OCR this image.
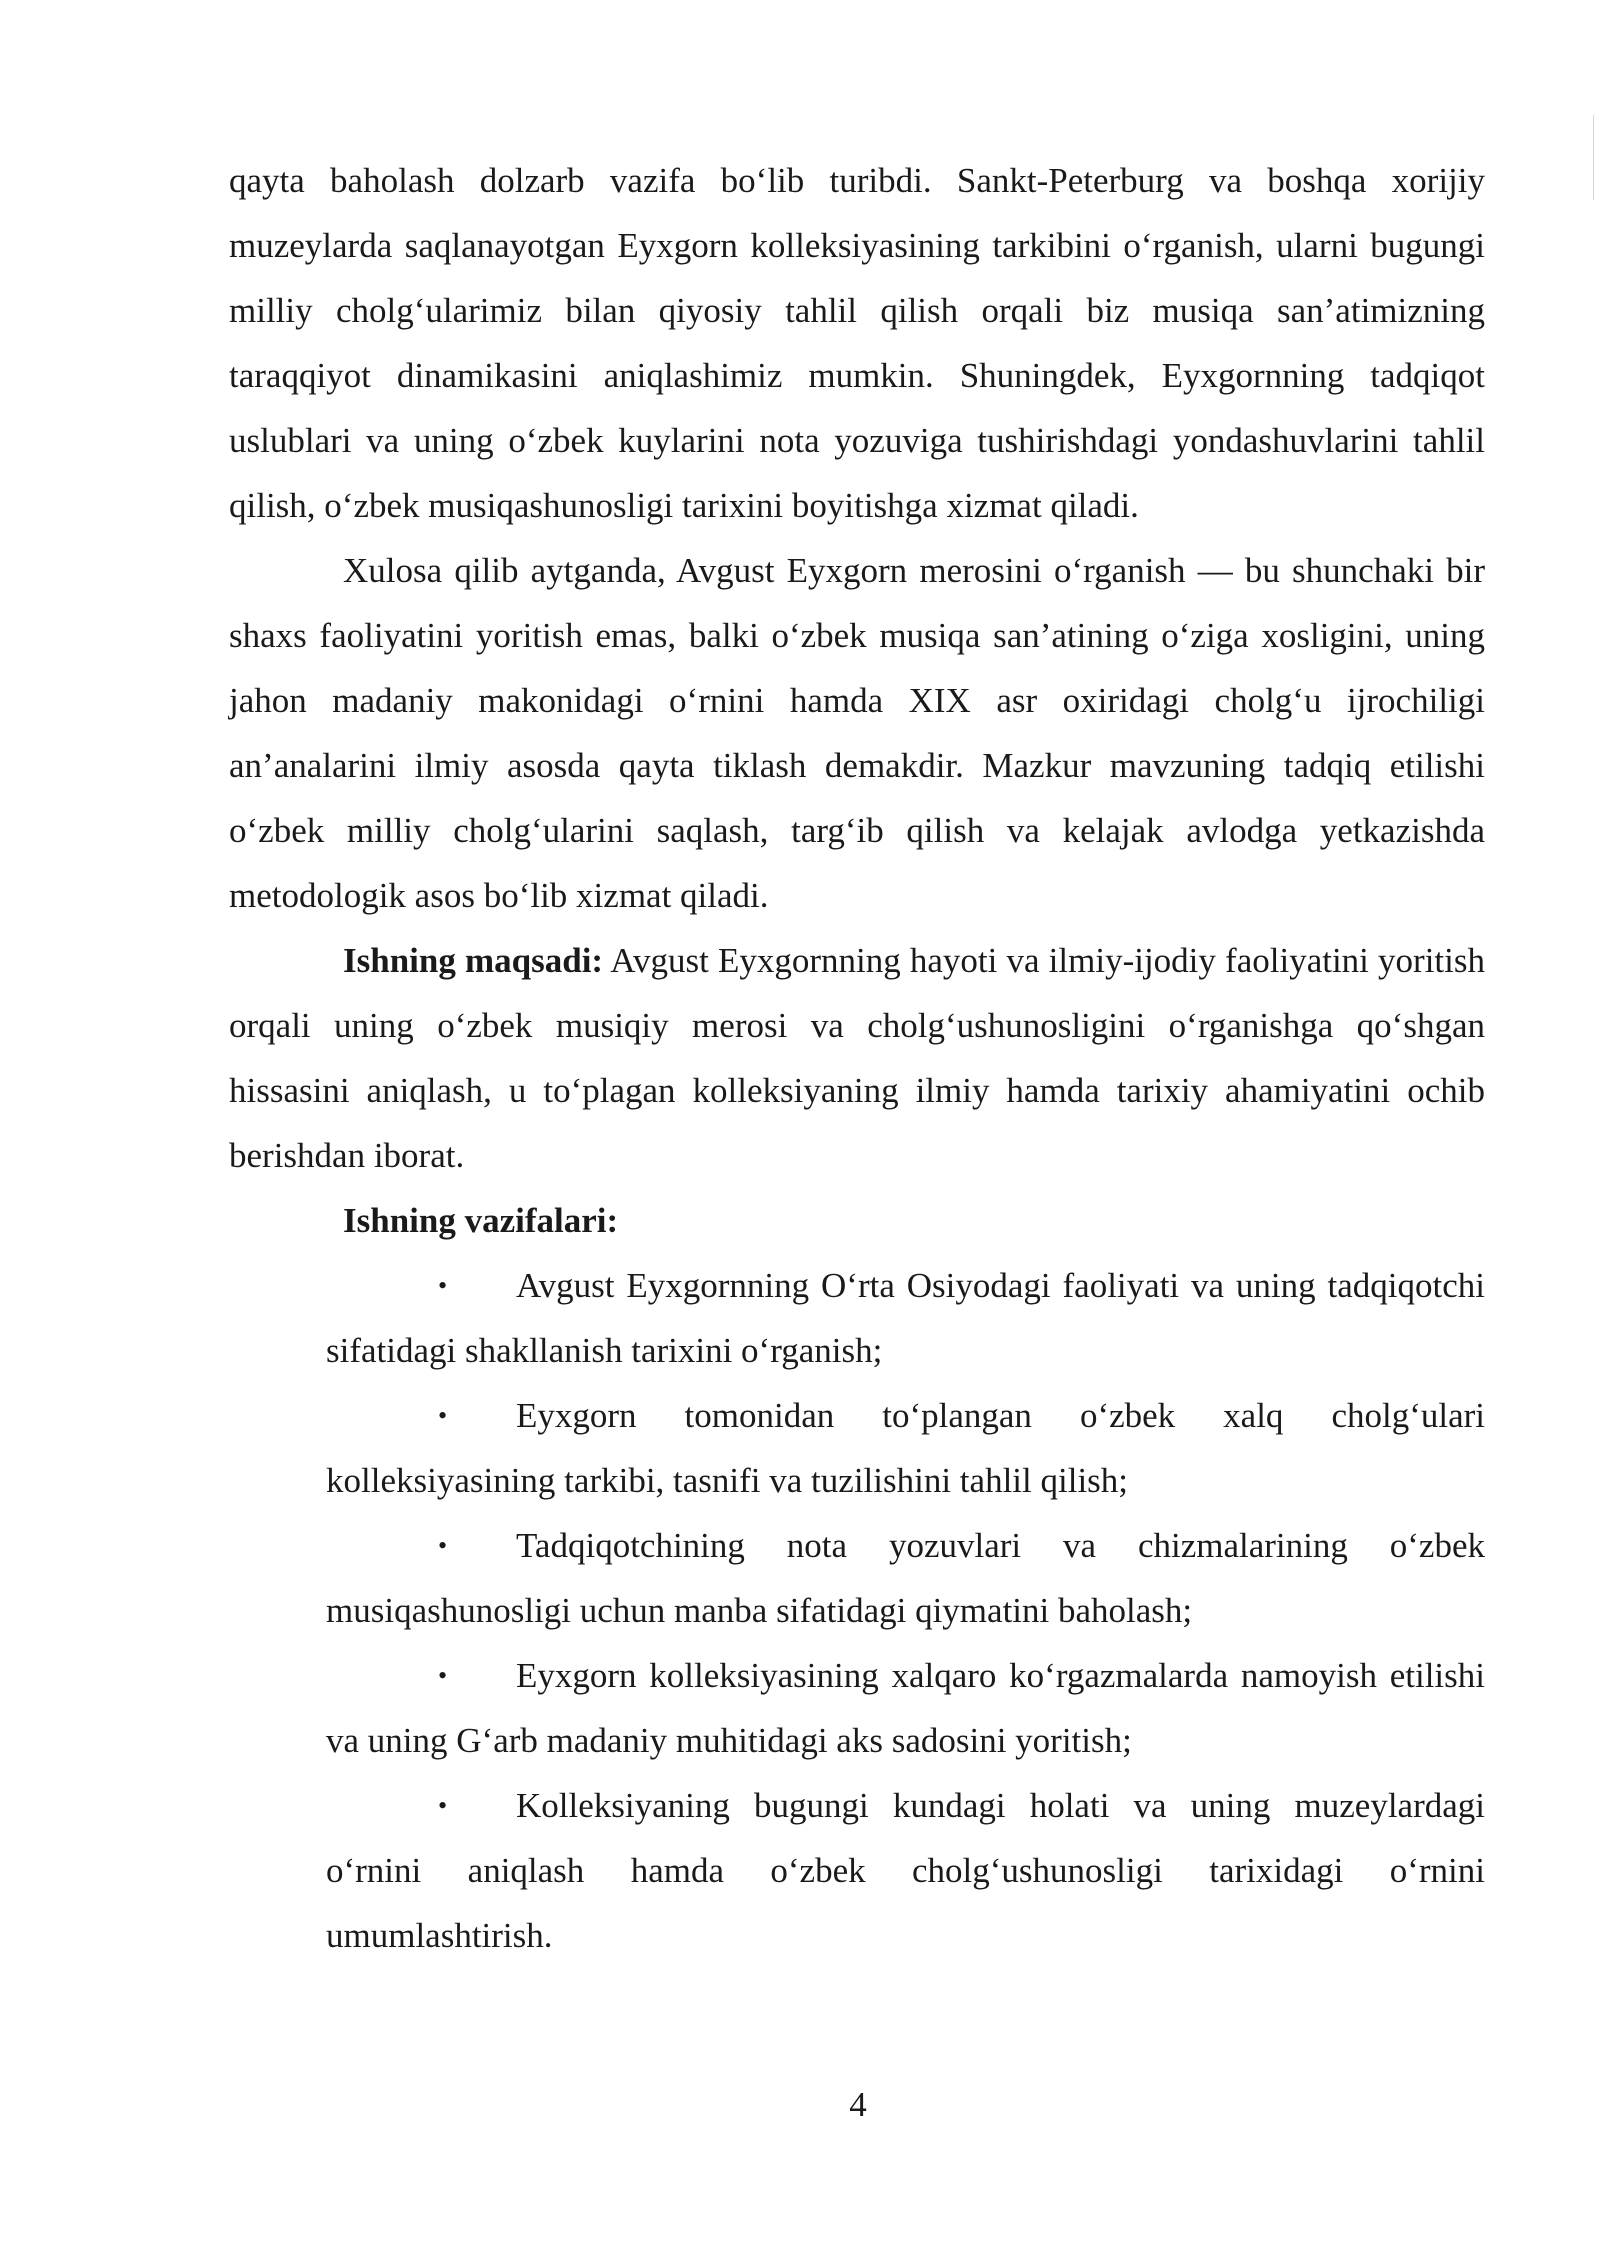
qayta baholash dolzarb vazifa bo‘lib turibdi. Sankt-Peterburg va boshqa xorijiy muzeylarda saqlanayotgan Eyxgorn kolleksiyasining tarkibini o‘rganish, ularni bugungi milliy cholg‘ularimiz bilan qiyosiy tahlil qilish orqali biz musiqa san’atimizning taraqqiyot dinamikasini aniqlashimiz mumkin. Shuningdek, Eyxgornning tadqiqot uslublari va uning o‘zbek kuylarini nota yozuviga tushirishdagi yondashuvlarini tahlil qilish, o‘zbek musiqashunosligi tarixini boyitishga xizmat qiladi.

Xulosa qilib aytganda, Avgust Eyxgorn merosini o‘rganish — bu shunchaki bir shaxs faoliyatini yoritish emas, balki o‘zbek musiqa san’atining o‘ziga xosligini, uning jahon madaniy makonidagi o‘rnini hamda XIX asr oxiridagi cholg‘u ijrochiligi an’analarini ilmiy asosda qayta tiklash demakdir. Mazkur mavzuning tadqiq etilishi o‘zbek milliy cholg‘ularini saqlash, targ‘ib qilish va kelajak avlodga yetkazishda metodologik asos bo‘lib xizmat qiladi.

Ishning maqsadi: Avgust Eyxgornning hayoti va ilmiy-ijodiy faoliyatini yoritish orqali uning o‘zbek musiqiy merosi va cholg‘ushunosligini o‘rganishga qo‘shgan hissasini aniqlash, u to‘plagan kolleksiyaning ilmiy hamda tarixiy ahamiyatini ochib berishdan iborat.

Ishning vazifalari:

• Avgust Eyxgornning O‘rta Osiyodagi faoliyati va uning tadqiqotchi sifatidagi shakllanish tarixini o‘rganish;
• Eyxgorn tomonidan to‘plangan o‘zbek xalq cholg‘ulari kolleksiyasining tarkibi, tasnifi va tuzilishini tahlil qilish;
• Tadqiqotchining nota yozuvlari va chizmalarining o‘zbek musiqashunosligi uchun manba sifatidagi qiymatini baholash;
• Eyxgorn kolleksiyasining xalqaro ko‘rgazmalarda namoyish etilishi va uning G‘arb madaniy muhitidagi aks sadosini yoritish;
• Kolleksiyaning bugungi kundagi holati va uning muzeylardagi o‘rnini aniqlash hamda o‘zbek cholg‘ushunosligi tarixidagi o‘rnini umumlashtirish.
4
